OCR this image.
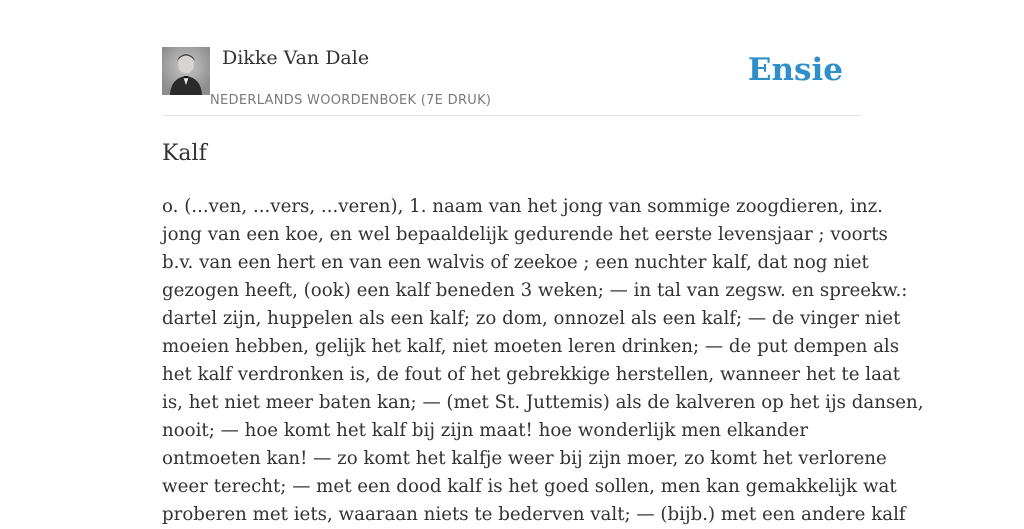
Dikke Van Dale
NEDERLANDS WOORDENBOEK (7E DRUK)
Ensie
Kalf
o. (...ven, ...vers, ...veren), 1. naam van het jong van sommige zoogdieren, inz.
jong van een koe, en wel bepaaldelijk gedurende het eerste levensjaar ; voorts
b.v. van een hert en van een walvis of zeekoe ; een nuchter kalf, dat nog niet
gezogen heeft, (ook) een kalf beneden 3 weken; — in tal van zegsw. en spreekw.:
dartel zijn, huppelen als een kalf; zo dom, onnozel als een kalf; — de vinger niet
moeien hebben, gelijk het kalf, niet moeten leren drinken; — de put dempen als
het kalf verdronken is, de fout of het gebrekkige herstellen, wanneer het te laat
is, het niet meer baten kan; — (met St. Juttemis) als de kalveren op het ijs dansen,
nooit; — hoe komt het kalf bij zijn maat! hoe wonderlijk men elkander
ontmoeten kan! — zo komt het kalfje weer bij zijn moer, zo komt het verlorene
weer terecht; — met een dood kalf is het goed sollen, men kan gemakkelijk wat
proberen met iets, waaraan niets te bederven valt; — (bijb.) met een andere kalf
